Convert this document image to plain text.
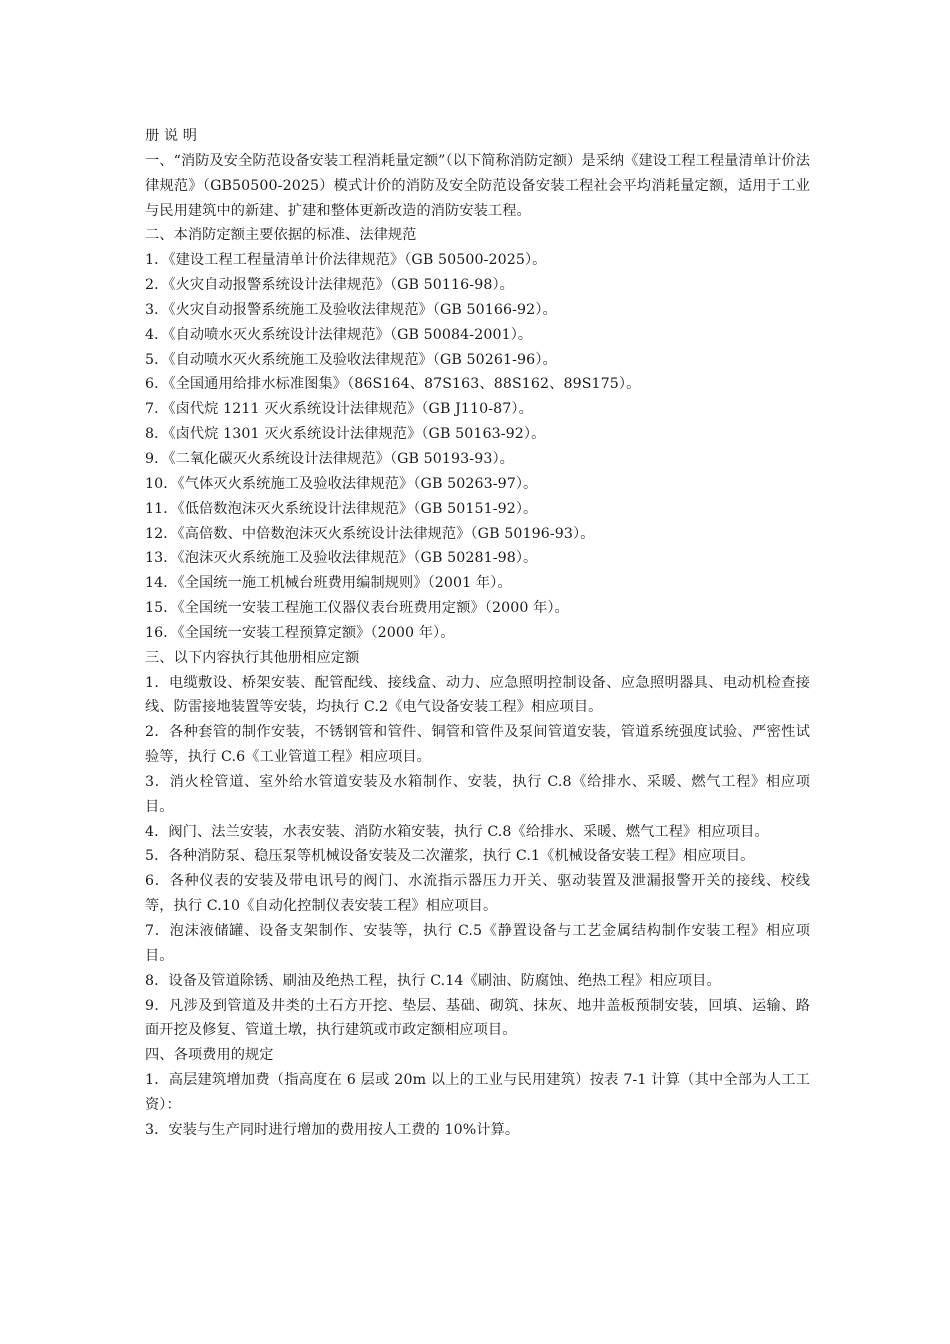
册 说 明

一、“消防及安全防范设备安装工程消耗量定额”（以下简称消防定额）是采纳《建设工程工程量清单计价法律规范》（GB50500-2025）模式计价的消防及安全防范设备安装工程社会平均消耗量定额，适用于工业与民用建筑中的新建、扩建和整体更新改造的消防安装工程。

二、本消防定额主要依据的标准、法律规范

1．《建设工程工程量清单计价法律规范》（GB 50500-2025）。

2．《火灾自动报警系统设计法律规范》（GB 50116-98）。

3．《火灾自动报警系统施工及验收法律规范》（GB 50166-92）。

4．《自动喷水灭火系统设计法律规范》（GB 50084-2001）。

5．《自动喷水灭火系统施工及验收法律规范》（GB 50261-96）。

6．《全国通用给排水标准图集》（86S164、87S163、88S162、89S175）。

7．《卤代烷 1211 灭火系统设计法律规范》（GB J110-87）。

8．《卤代烷 1301 灭火系统设计法律规范》（GB 50163-92）。

9．《二氧化碳灭火系统设计法律规范》（GB 50193-93）。

10．《气体灭火系统施工及验收法律规范》（GB 50263-97）。

11．《低倍数泡沫灭火系统设计法律规范》（GB 50151-92）。

12．《高倍数、中倍数泡沫灭火系统设计法律规范》（GB 50196-93）。

13．《泡沫灭火系统施工及验收法律规范》（GB 50281-98）。

14．《全国统一施工机械台班费用编制规则》（2001 年）。

15．《全国统一安装工程施工仪器仪表台班费用定额》（2000 年）。

16．《全国统一安装工程预算定额》（2000 年）。

三、以下内容执行其他册相应定额

1．电缆敷设、桥架安装、配管配线、接线盒、动力、应急照明控制设备、应急照明器具、电动机检查接线、防雷接地装置等安装，均执行 C.2《电气设备安装工程》相应项目。

2．各种套管的制作安装，不锈钢管和管件、铜管和管件及泵间管道安装，管道系统强度试验、严密性试验等，执行 C.6《工业管道工程》相应项目。

3．消火栓管道、室外给水管道安装及水箱制作、安装，执行 C.8《给排水、采暖、燃气工程》相应项目。

4．阀门、法兰安装，水表安装、消防水箱安装，执行 C.8《给排水、采暖、燃气工程》相应项目。

5．各种消防泵、稳压泵等机械设备安装及二次灌浆，执行 C.1《机械设备安装工程》相应项目。

6．各种仪表的安装及带电讯号的阀门、水流指示器压力开关、驱动装置及泄漏报警开关的接线、校线等，执行 C.10《自动化控制仪表安装工程》相应项目。

7．泡沫液储罐、设备支架制作、安装等，执行 C.5《静置设备与工艺金属结构制作安装工程》相应项目。

8．设备及管道除锈、刷油及绝热工程，执行 C.14《刷油、防腐蚀、绝热工程》相应项目。

9．凡涉及到管道及井类的土石方开挖、垫层、基础、砌筑、抹灰、地井盖板预制安装，回填、运输、路面开挖及修复、管道土墩，执行建筑或市政定额相应项目。

四、各项费用的规定

1．高层建筑增加费（指高度在 6 层或 20m 以上的工业与民用建筑）按表 7-1 计算（其中全部为人工工资）：

3．安装与生产同时进行增加的费用按人工费的 10%计算。
